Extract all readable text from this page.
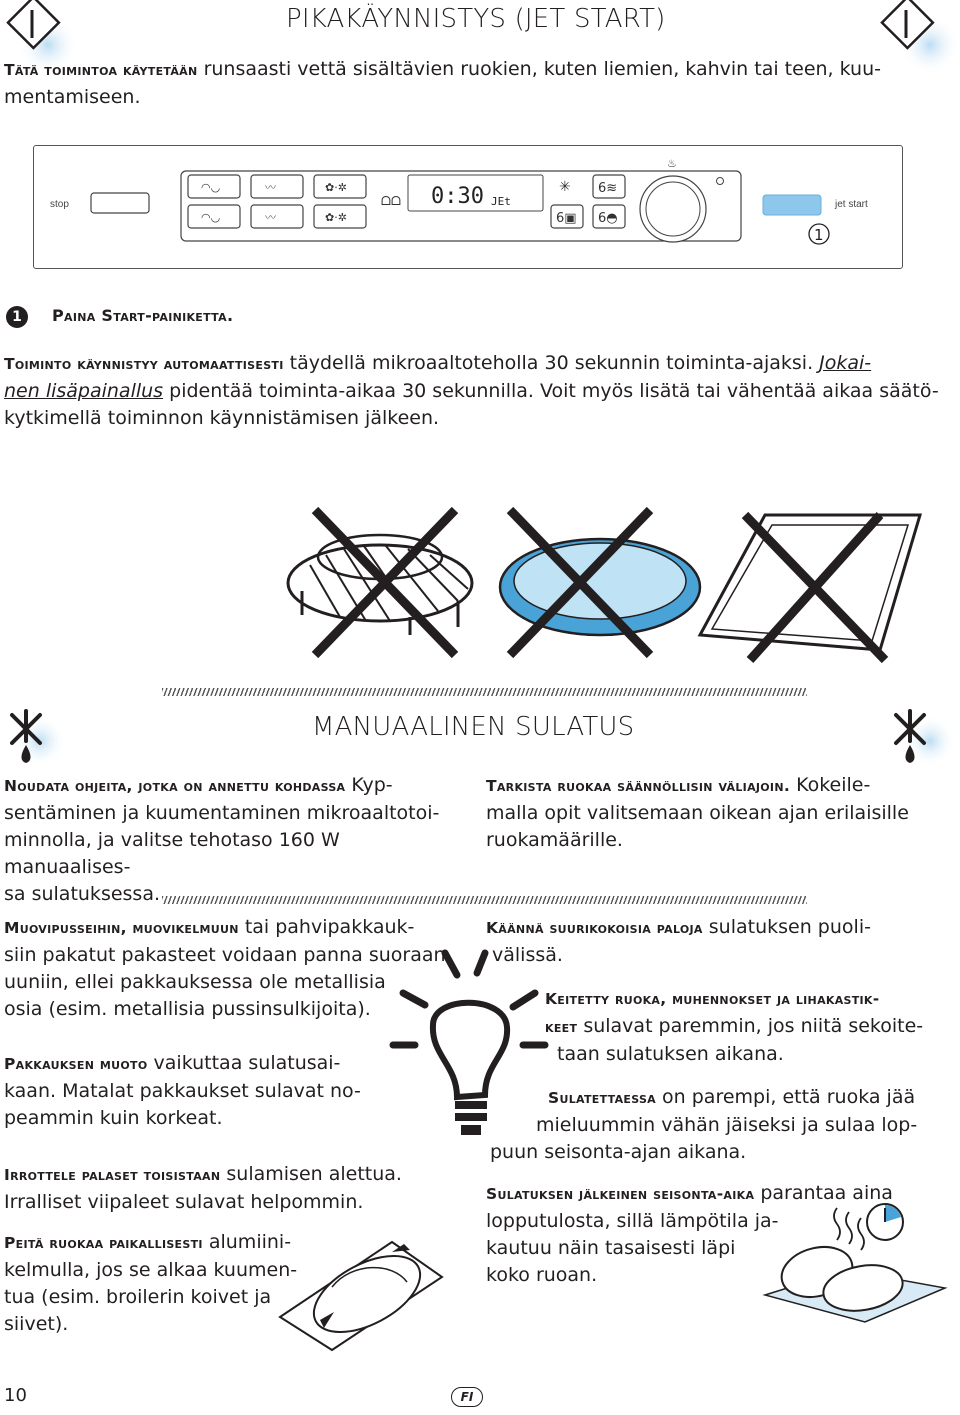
PIKAKÄYNNISTYS (JET START)
Tätä toimintoa käytetään runsaasti vettä sisältävien ruokien, kuten liemien, kahvin tai teen, kuu-
mentamiseen.
stop
◠◡	〰	✿·✲
◠◡	〰	✿·✲
ᗝᗝ 0:30 JEt
✳ 6≋
6▣ 6◓
♨
jet start
1
1	Paina Start-painiketta.
Toiminto käynnistyy automaattisesti täydellä mikroaaltoteholla 30 sekunnin toiminta-ajaksi. Jokai-
nen lisäpainallus pidentää toiminta-aikaa 30 sekunnilla. Voit myös lisätä tai vähentää aikaa säätö-
kytkimellä toiminnon käynnistämisen jälkeen.
MANUAALINEN SULATUS
Noudata ohjeita, jotka on annettu kohdassa Kyp-
sentäminen ja kuumentaminen mikroaaltotoi-
minnolla, ja valitse tehotaso 160 W manuaalises-
sa sulatuksessa.
Tarkista ruokaa säännöllisin väliajoin. Kokeile-
malla opit valitsemaan oikean ajan erilaisille
ruokamäärille.
Muovipusseihin, muovikelmuun tai pahvipakkauk-
siin pakatut pakasteet voidaan panna suoraan
uuniin, ellei pakkauksessa ole metallisia
osia (esim. metallisia pussinsulkijoita).
Pakkauksen muoto vaikuttaa sulatusai-
kaan. Matalat pakkaukset sulavat no-
peammin kuin korkeat.
Irrottele palaset toisistaan sulamisen alettua.
Irralliset viipaleet sulavat helpommin.
Peitä ruokaa paikallisesti alumiini-
kelmulla, jos se alkaa kuumen-
tua (esim. broilerin koivet ja
siivet).
Käännä suurikokoisia paloja sulatuksen puoli-
välissä.
Keitetty ruoka, muhennokset ja lihakastik-
keet sulavat paremmin, jos niitä sekoite-
taan sulatuksen aikana.
Sulatettaessa on parempi, että ruoka jää
mieluummin vähän jäiseksi ja sulaa lop-
puun seisonta-ajan aikana.
Sulatuksen jälkeinen seisonta-aika parantaa aina
lopputulosta, sillä lämpötila ja-
kautuu näin tasaisesti läpi
koko ruoan.
10	FI
